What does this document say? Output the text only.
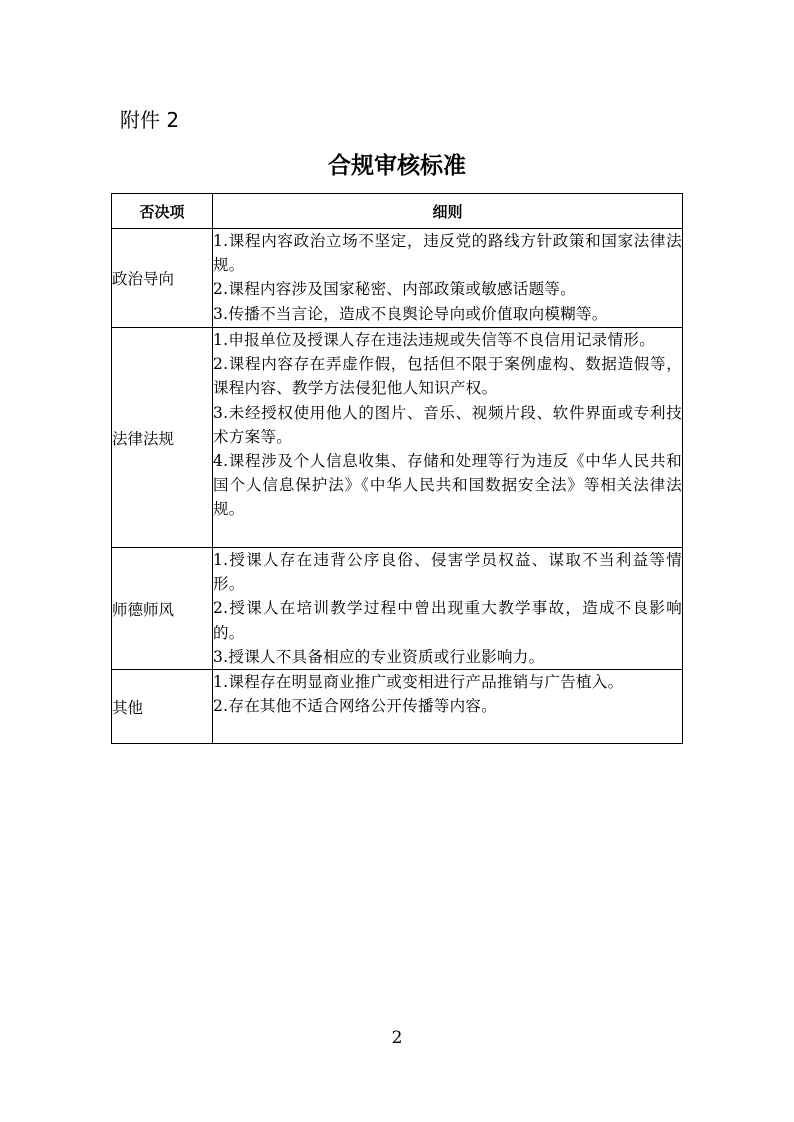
附件 2
合规审核标准
否决项	细则
政治导向	1.课程内容政治立场不坚定，违反党的路线方针政策和国家法律法规。

2.课程内容涉及国家秘密、内部政策或敏感话题等。

3.传播不当言论，造成不良舆论导向或价值取向模糊等。

法律法规	1.申报单位及授课人存在违法违规或失信等不良信用记录情形。

2.课程内容存在弄虚作假，包括但不限于案例虚构、数据造假等，课程内容、教学方法侵犯他人知识产权。

3.未经授权使用他人的图片、音乐、视频片段、软件界面或专利技术方案等。

4.课程涉及个人信息收集、存储和处理等行为违反《中华人民共和国个人信息保护法》《中华人民共和国数据安全法》等相关法律法规。

师德师风	1.授课人存在违背公序良俗、侵害学员权益、谋取不当利益等情形。

2.授课人在培训教学过程中曾出现重大教学事故，造成不良影响的。

3.授课人不具备相应的专业资质或行业影响力。

其他	1.课程存在明显商业推广或变相进行产品推销与广告植入。

2.存在其他不适合网络公开传播等内容。

2
